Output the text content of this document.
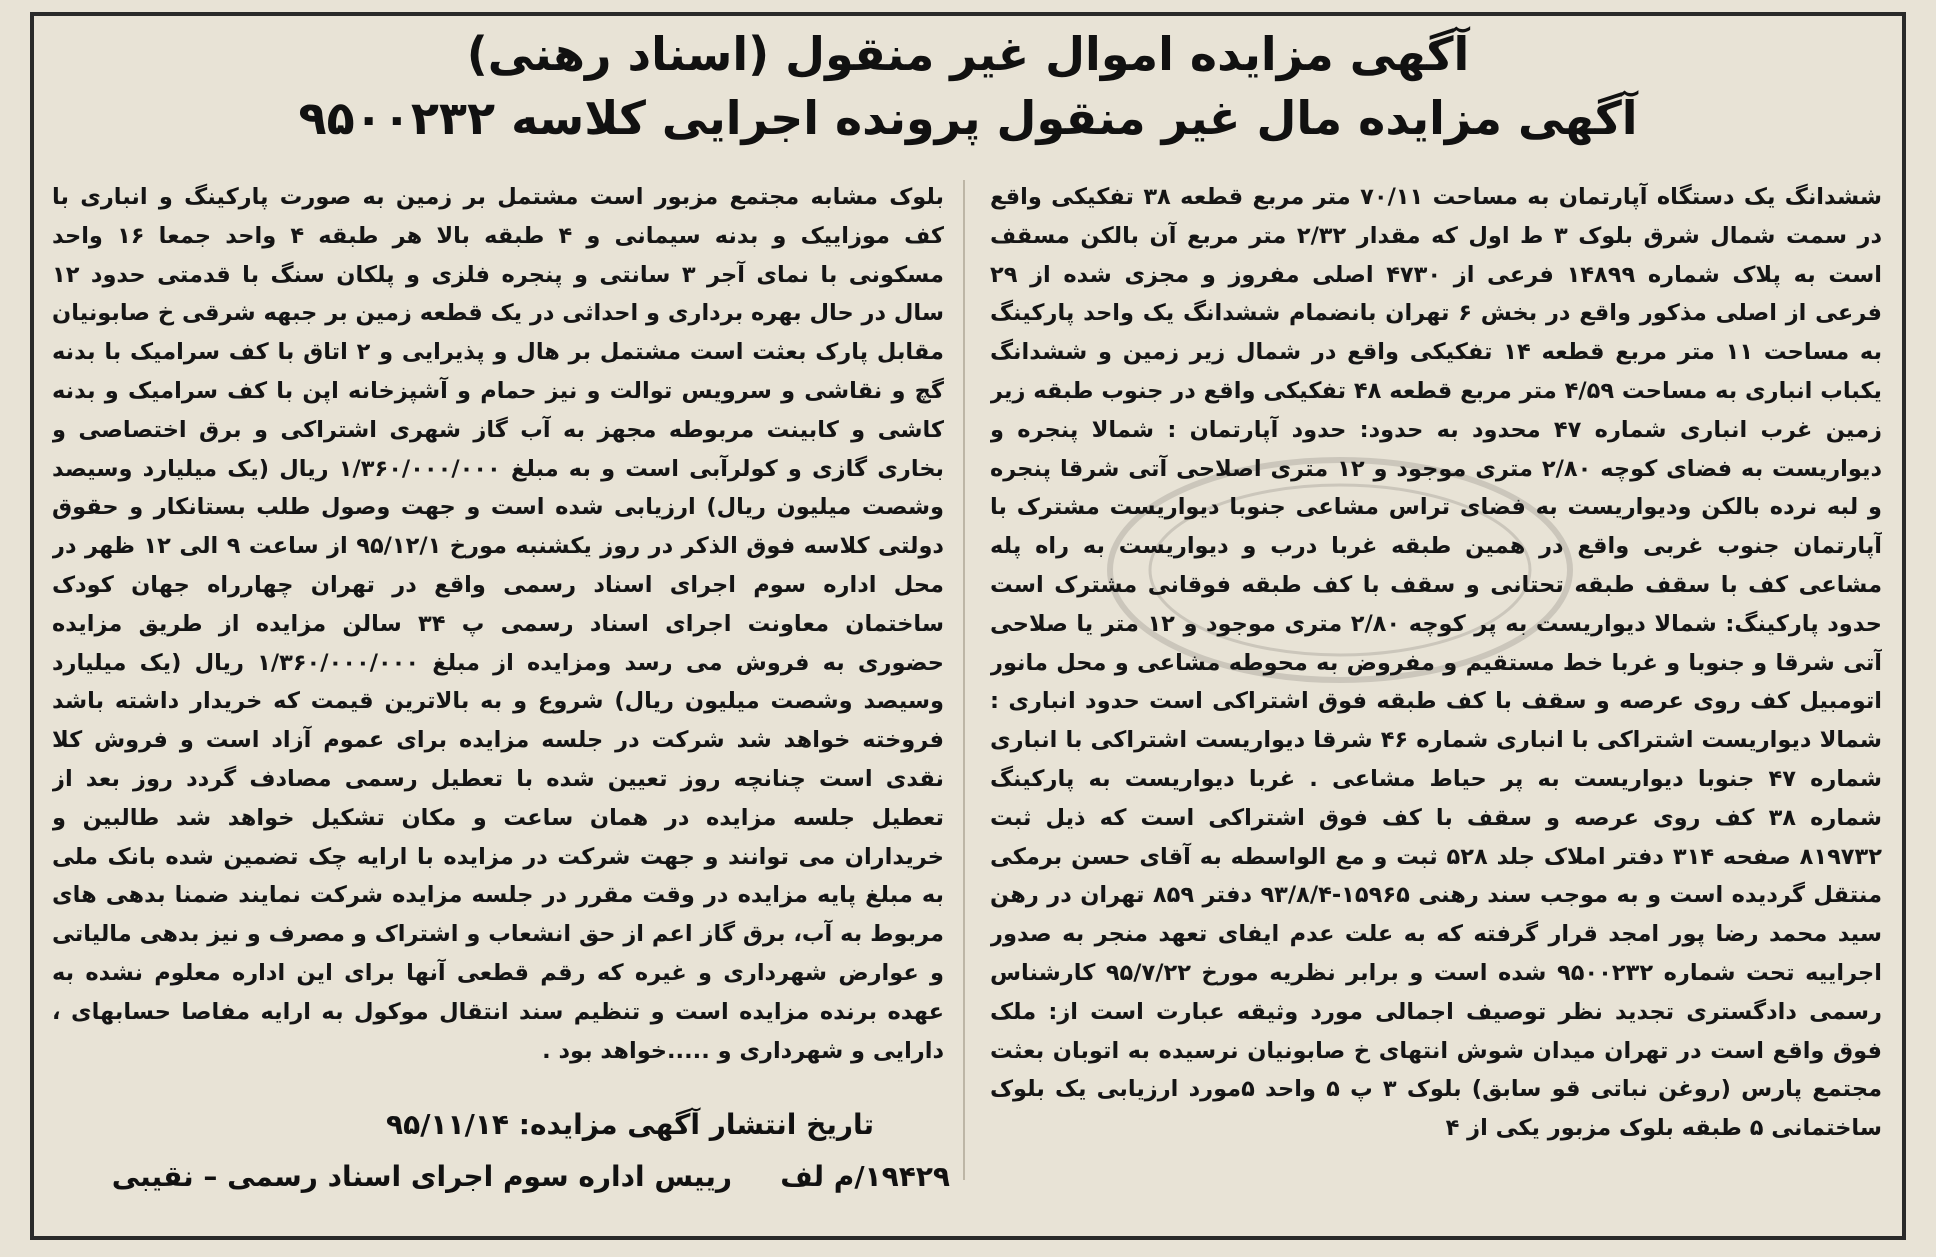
آگهی مزایده اموال غیر منقول (اسناد رهنی)
آگهی مزایده مال غیر منقول پرونده اجرایی کلاسه ۹۵۰۰۲۳۲
ششدانگ یک دستگاه آپارتمان به مساحت ۷۰/۱۱ متر مربع قطعه ۳۸ تفکیکی واقع در سمت شمال شرق بلوک ۳ ط اول که مقدار ۲/۳۲ متر مربع آن بالکن مسقف است به پلاک شماره ۱۴۸۹۹ فرعی از ۴۷۳۰ اصلی مفروز و مجزی شده از ۲۹ فرعی از اصلی مذکور واقع در بخش ۶ تهران بانضمام ششدانگ یک واحد پارکینگ به مساحت ۱۱ متر مربع قطعه ۱۴ تفکیکی واقع در شمال زیر زمین و ششدانگ یکباب انباری به مساحت ۴/۵۹ متر مربع قطعه ۴۸ تفکیکی واقع در جنوب طبقه زیر زمین غرب انباری شماره ۴۷ محدود به حدود: حدود آپارتمان : شمالا پنجره و دیواریست به فضای کوچه ۲/۸۰ متری موجود و ۱۲ متری اصلاحی آتی شرقا پنجره و لبه نرده بالکن ودیواریست به فضای تراس مشاعی جنوبا دیواریست مشترک با آپارتمان جنوب غربی واقع در همین طبقه غربا درب و دیواریست به راه پله مشاعی کف با سقف طبقه تحتانی و سقف با کف طبقه فوقانی مشترک است حدود پارکینگ: شمالا دیواریست به پر کوچه ۲/۸۰ متری موجود و ۱۲ متر یا صلاحی آتی شرقا و جنوبا و غربا خط مستقیم و مفروض به محوطه مشاعی و محل مانور اتومبیل کف روی عرصه و سقف با کف طبقه فوق اشتراکی است حدود انباری : شمالا دیواریست اشتراکی با انباری شماره ۴۶ شرقا دیواریست اشتراکی با انباری شماره ۴۷ جنوبا دیواریست به پر حیاط مشاعی . غربا دیواریست به پارکینگ شماره ۳۸ کف روی عرصه و سقف با کف فوق اشتراکی است که ذیل ثبت ۸۱۹۷۳۲ صفحه ۳۱۴ دفتر املاک جلد ۵۲۸ ثبت و مع الواسطه به آقای حسن برمکی منتقل گردیده است و به موجب سند رهنی ۱۵۹۶۵-۹۳/۸/۴ دفتر ۸۵۹ تهران در رهن سید محمد رضا پور امجد قرار گرفته که به علت عدم ایفای تعهد منجر به صدور اجراییه تحت شماره ۹۵۰۰۲۳۲ شده است و برابر نظریه مورخ ۹۵/۷/۲۲ کارشناس رسمی دادگستری تجدید نظر توصیف اجمالی مورد وثیقه عبارت است از: ملک فوق واقع است در تهران میدان شوش انتهای خ صابونیان نرسیده به اتوبان بعثت مجتمع پارس (روغن نباتی قو سابق) بلوک ۳ پ ۵ واحد ۵مورد ارزیابی یک بلوک ساختمانی ۵ طبقه بلوک مزبور یکی از ۴
بلوک مشابه مجتمع مزبور است مشتمل بر زمین به صورت پارکینگ و انباری با کف موزاییک و بدنه سیمانی و ۴ طبقه بالا هر طبقه ۴ واحد جمعا ۱۶ واحد مسکونی با نمای آجر ۳ سانتی و پنجره فلزی و پلکان سنگ با قدمتی حدود ۱۲ سال در حال بهره برداری و احداثی در یک قطعه زمین بر جبهه شرقی خ صابونیان مقابل پارک بعثت است مشتمل بر هال و پذیرایی و ۲ اتاق با کف سرامیک با بدنه گچ و نقاشی و سرویس توالت و نیز حمام و آشپزخانه اپن با کف سرامیک و بدنه کاشی و کابینت مربوطه مجهز به آب گاز شهری اشتراکی و برق اختصاصی و بخاری گازی و کولرآبی است و به مبلغ ۱/۳۶۰/۰۰۰/۰۰۰ ریال (یک میلیارد وسیصد وشصت میلیون ریال) ارزیابی شده است و جهت وصول طلب بستانکار و حقوق دولتی کلاسه فوق الذکر در روز یکشنبه مورخ ۹۵/۱۲/۱ از ساعت ۹ الی ۱۲ ظهر در محل اداره سوم اجرای اسناد رسمی واقع در تهران چهارراه جهان کودک ساختمان معاونت اجرای اسناد رسمی پ ۳۴ سالن مزایده از طریق مزایده حضوری به فروش می رسد ومزایده از مبلغ ۱/۳۶۰/۰۰۰/۰۰۰ ریال (یک میلیارد وسیصد وشصت میلیون ریال) شروع و به بالاترین قیمت که خریدار داشته باشد فروخته خواهد شد شرکت در جلسه مزایده برای عموم آزاد است و فروش کلا نقدی است چنانچه روز تعیین شده با تعطیل رسمی مصادف گردد روز بعد از تعطیل جلسه مزایده در همان ساعت و مکان تشکیل خواهد شد طالبین و خریداران می توانند و جهت شرکت در مزایده با ارایه چک تضمین شده بانک ملی به مبلغ پایه مزایده در وقت مقرر در جلسه مزایده شرکت نمایند ضمنا بدهی های مربوط به آب، برق گاز اعم از حق انشعاب و اشتراک و مصرف و نیز بدهی مالیاتی و عوارض شهرداری و غیره که رقم قطعی آنها برای این اداره معلوم نشده به عهده برنده مزایده است و تنظیم سند انتقال موکول به ارایه مفاصا حسابهای ، دارایی و شهرداری و .....خواهد بود .
تاریخ انتشار آگهی مزایده: ۹۵/۱۱/۱۴
۱۹۴۲۹/م لف
رییس اداره سوم اجرای اسناد رسمی – نقیبی
